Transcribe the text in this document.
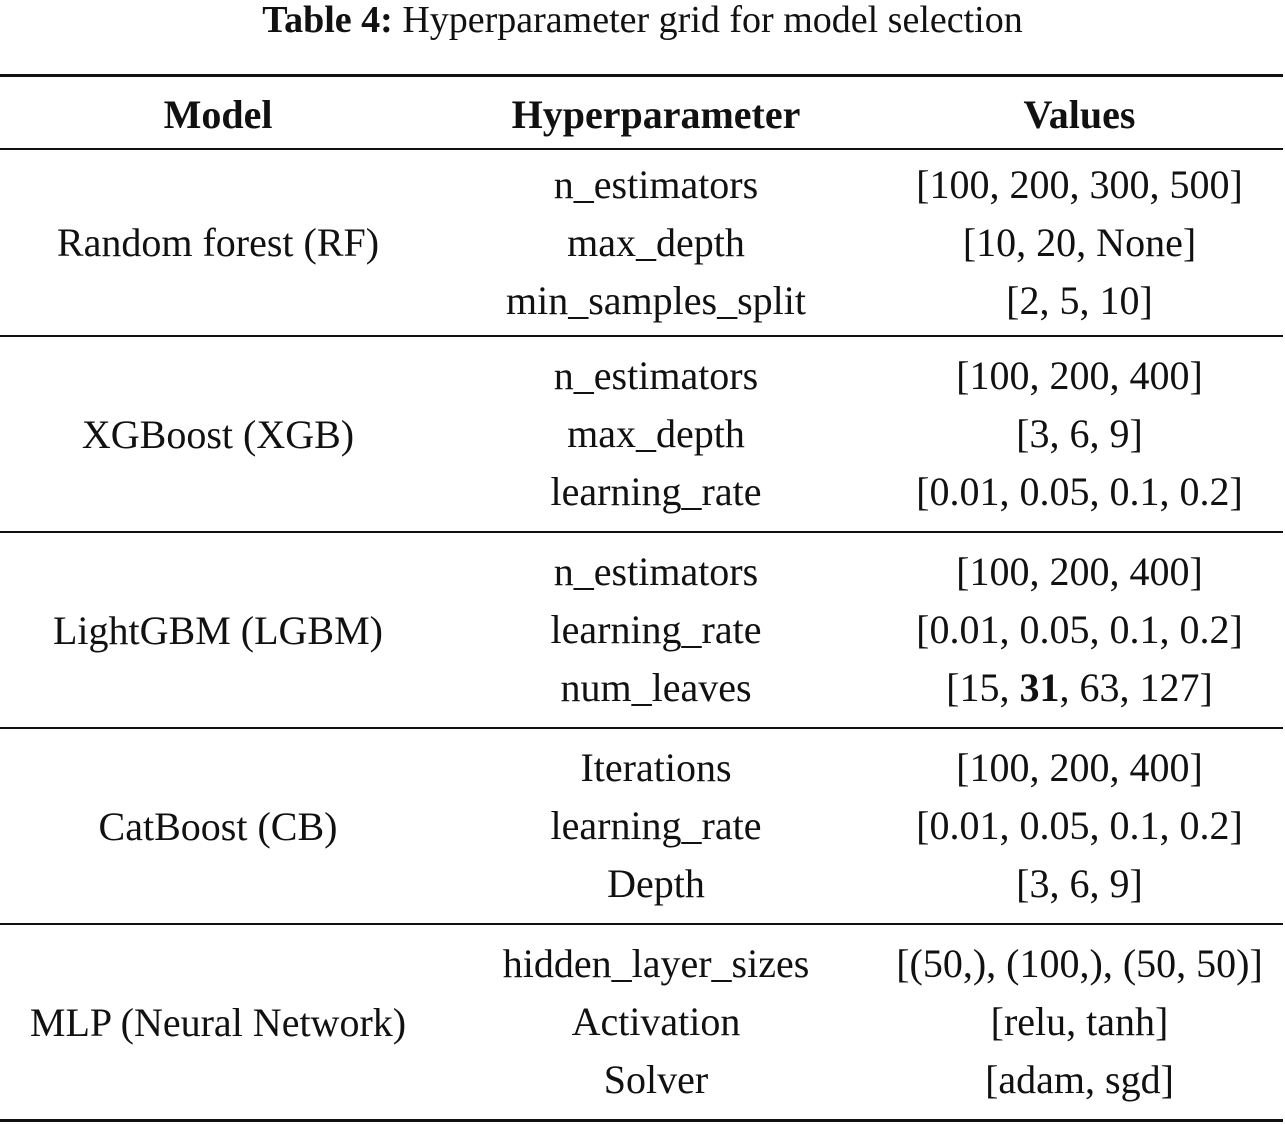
Table 4: Hyperparameter grid for model selection
Model	Hyperparameter	Values
Random forest (RF)
n_estimators
max_depth
min_samples_split
[100, 200, 300, 500]
[10, 20, None]
[2, 5, 10]
XGBoost (XGB)
n_estimators
max_depth
learning_rate
[100, 200, 400]
[3, 6, 9]
[0.01, 0.05, 0.1, 0.2]
LightGBM (LGBM)
n_estimators
learning_rate
num_leaves
[100, 200, 400]
[0.01, 0.05, 0.1, 0.2]
[15, 31, 63, 127]
CatBoost (CB)
Iterations
learning_rate
Depth
[100, 200, 400]
[0.01, 0.05, 0.1, 0.2]
[3, 6, 9]
MLP (Neural Network)
hidden_layer_sizes
Activation
Solver
[(50,), (100,), (50, 50)]
[relu, tanh]
[adam, sgd]
